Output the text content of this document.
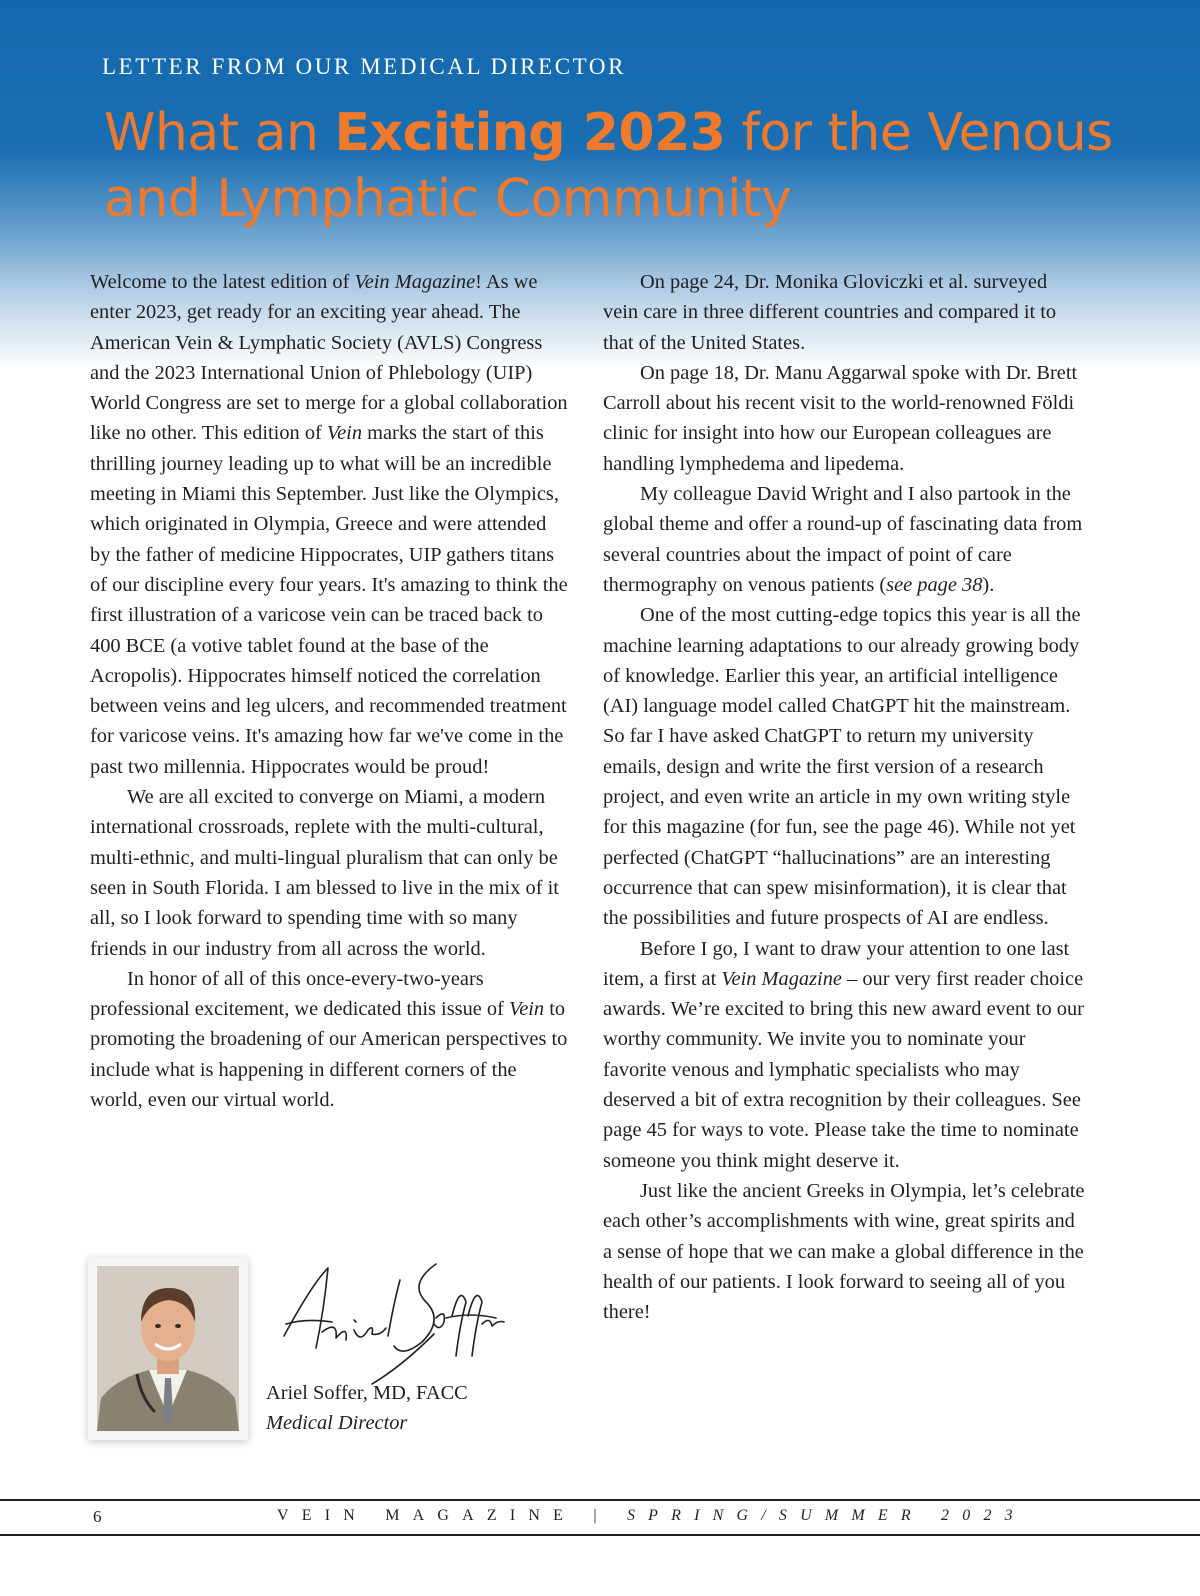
LETTER FROM OUR MEDICAL DIRECTOR
What an Exciting 2023 for the Venous and Lymphatic Community

Welcome to the latest edition of Vein Magazine! As we enter 2023, get ready for an exciting year ahead. The American Vein & Lymphatic Society (AVLS) Congress and the 2023 International Union of Phlebology (UIP) World Congress are set to merge for a global collaboration like no other. This edition of Vein marks the start of this thrilling journey leading up to what will be an incredible meeting in Miami this September. Just like the Olympics, which originated in Olympia, Greece and were attended by the father of medicine Hippocrates, UIP gathers titans of our discipline every four years. It's amazing to think the first illustration of a varicose vein can be traced back to 400 BCE (a votive tablet found at the base of the Acropolis). Hippocrates himself noticed the correlation between veins and leg ulcers, and recommended treatment for varicose veins. It's amazing how far we've come in the past two millennia. Hippocrates would be proud!

We are all excited to converge on Miami, a modern international crossroads, replete with the multi-cultural, multi-ethnic, and multi-lingual pluralism that can only be seen in South Florida. I am blessed to live in the mix of it all, so I look forward to spending time with so many friends in our industry from all across the world.

In honor of all of this once-every-two-years professional excitement, we dedicated this issue of Vein to promoting the broadening of our American perspectives to include what is happening in different corners of the world, even our virtual world.

On page 24, Dr. Monika Gloviczki et al. surveyed vein care in three different countries and compared it to that of the United States.

On page 18, Dr. Manu Aggarwal spoke with Dr. Brett Carroll about his recent visit to the world-renowned Földi clinic for insight into how our European colleagues are handling lymphedema and lipedema.

My colleague David Wright and I also partook in the global theme and offer a round-up of fascinating data from several countries about the impact of point of care thermography on venous patients (see page 38).

One of the most cutting-edge topics this year is all the machine learning adaptations to our already growing body of knowledge. Earlier this year, an artificial intelligence (AI) language model called ChatGPT hit the mainstream. So far I have asked ChatGPT to return my university emails, design and write the first version of a research project, and even write an article in my own writing style for this magazine (for fun, see the page 46). While not yet perfected (ChatGPT “hallucinations” are an interesting occurrence that can spew misinformation), it is clear that the possibilities and future prospects of AI are endless.

Before I go, I want to draw your attention to one last item, a first at Vein Magazine – our very first reader choice awards. We’re excited to bring this new award event to our worthy community. We invite you to nominate your favorite venous and lymphatic specialists who may deserved a bit of extra recognition by their colleagues. See page 45 for ways to vote. Please take the time to nominate someone you think might deserve it.

Just like the ancient Greeks in Olympia, let’s celebrate each other’s accomplishments with wine, great spirits and a sense of hope that we can make a global difference in the health of our patients. I look forward to seeing all of you there!

Ariel Soffer, MD, FACC
Medical Director
6	VEIN MAGAZINE | SPRING/SUMMER 2023
